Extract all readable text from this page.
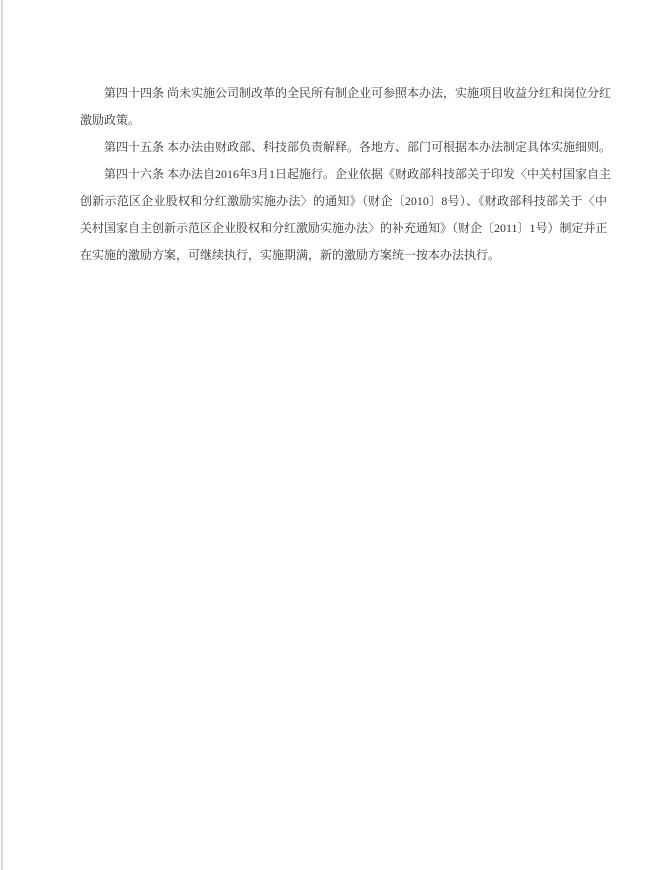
第四十四条 尚未实施公司制改革的全民所有制企业可参照本办法，实施项目收益分红和岗位分红
激励政策。
第四十五条 本办法由财政部、科技部负责解释。各地方、部门可根据本办法制定具体实施细则。
第四十六条 本办法自2016年3月1日起施行。企业依据《财政部科技部关于印发〈中关村国家自主
创新示范区企业股权和分红激励实施办法〉的通知》（财企〔2010〕8号）、《财政部科技部关于〈中
关村国家自主创新示范区企业股权和分红激励实施办法〉的补充通知》（财企〔2011〕1号）制定并正
在实施的激励方案，可继续执行，实施期满，新的激励方案统一按本办法执行。
